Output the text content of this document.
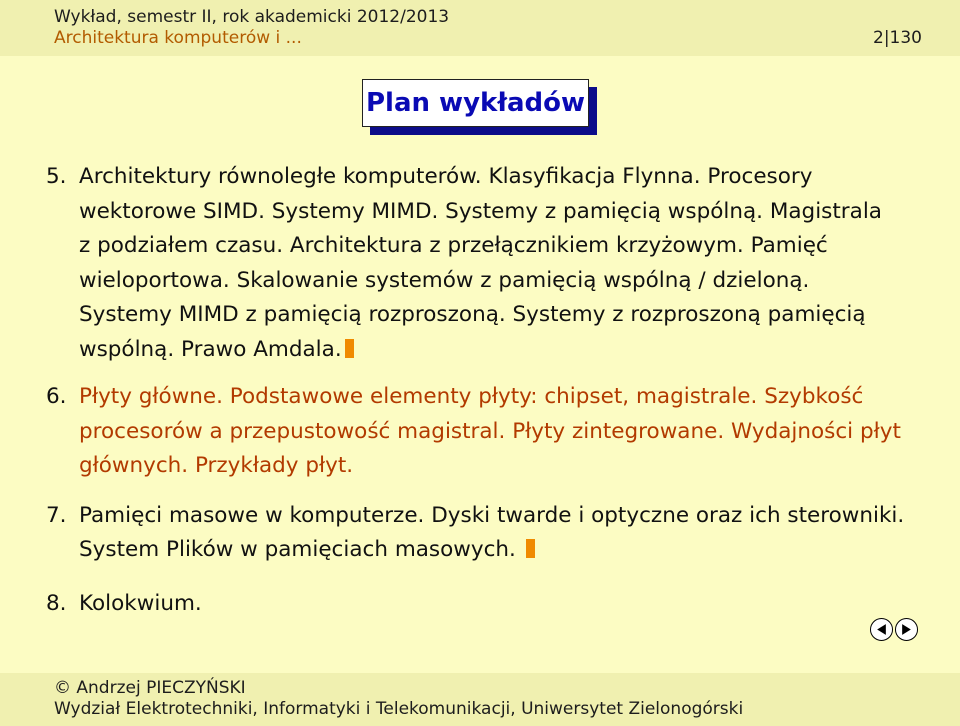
Wykład, semestr II, rok akademicki 2012/2013
Architektura komputerów i ...	2|130
Plan wykładów
5. Architektury równoległe komputerów. Klasyfikacja Flynna. Procesory
wektorowe SIMD. Systemy MIMD. Systemy z pamięcią wspólną. Magistrala
z podziałem czasu. Architektura z przełącznikiem krzyżowym. Pamięć
wieloportowa. Skalowanie systemów z pamięcią wspólną / dzieloną.
Systemy MIMD z pamięcią rozproszoną. Systemy z rozproszoną pamięcią
wspólną. Prawo Amdala.
6. Płyty główne. Podstawowe elementy płyty: chipset, magistrale. Szybkość
procesorów a przepustowość magistral. Płyty zintegrowane. Wydajności płyt
głównych. Przykłady płyt.
7. Pamięci masowe w komputerze. Dyski twarde i optyczne oraz ich sterowniki.
System Plików w pamięciach masowych.
8. Kolokwium.
© Andrzej PIECZYŃSKI
Wydział Elektrotechniki, Informatyki i Telekomunikacji, Uniwersytet Zielonogórski
